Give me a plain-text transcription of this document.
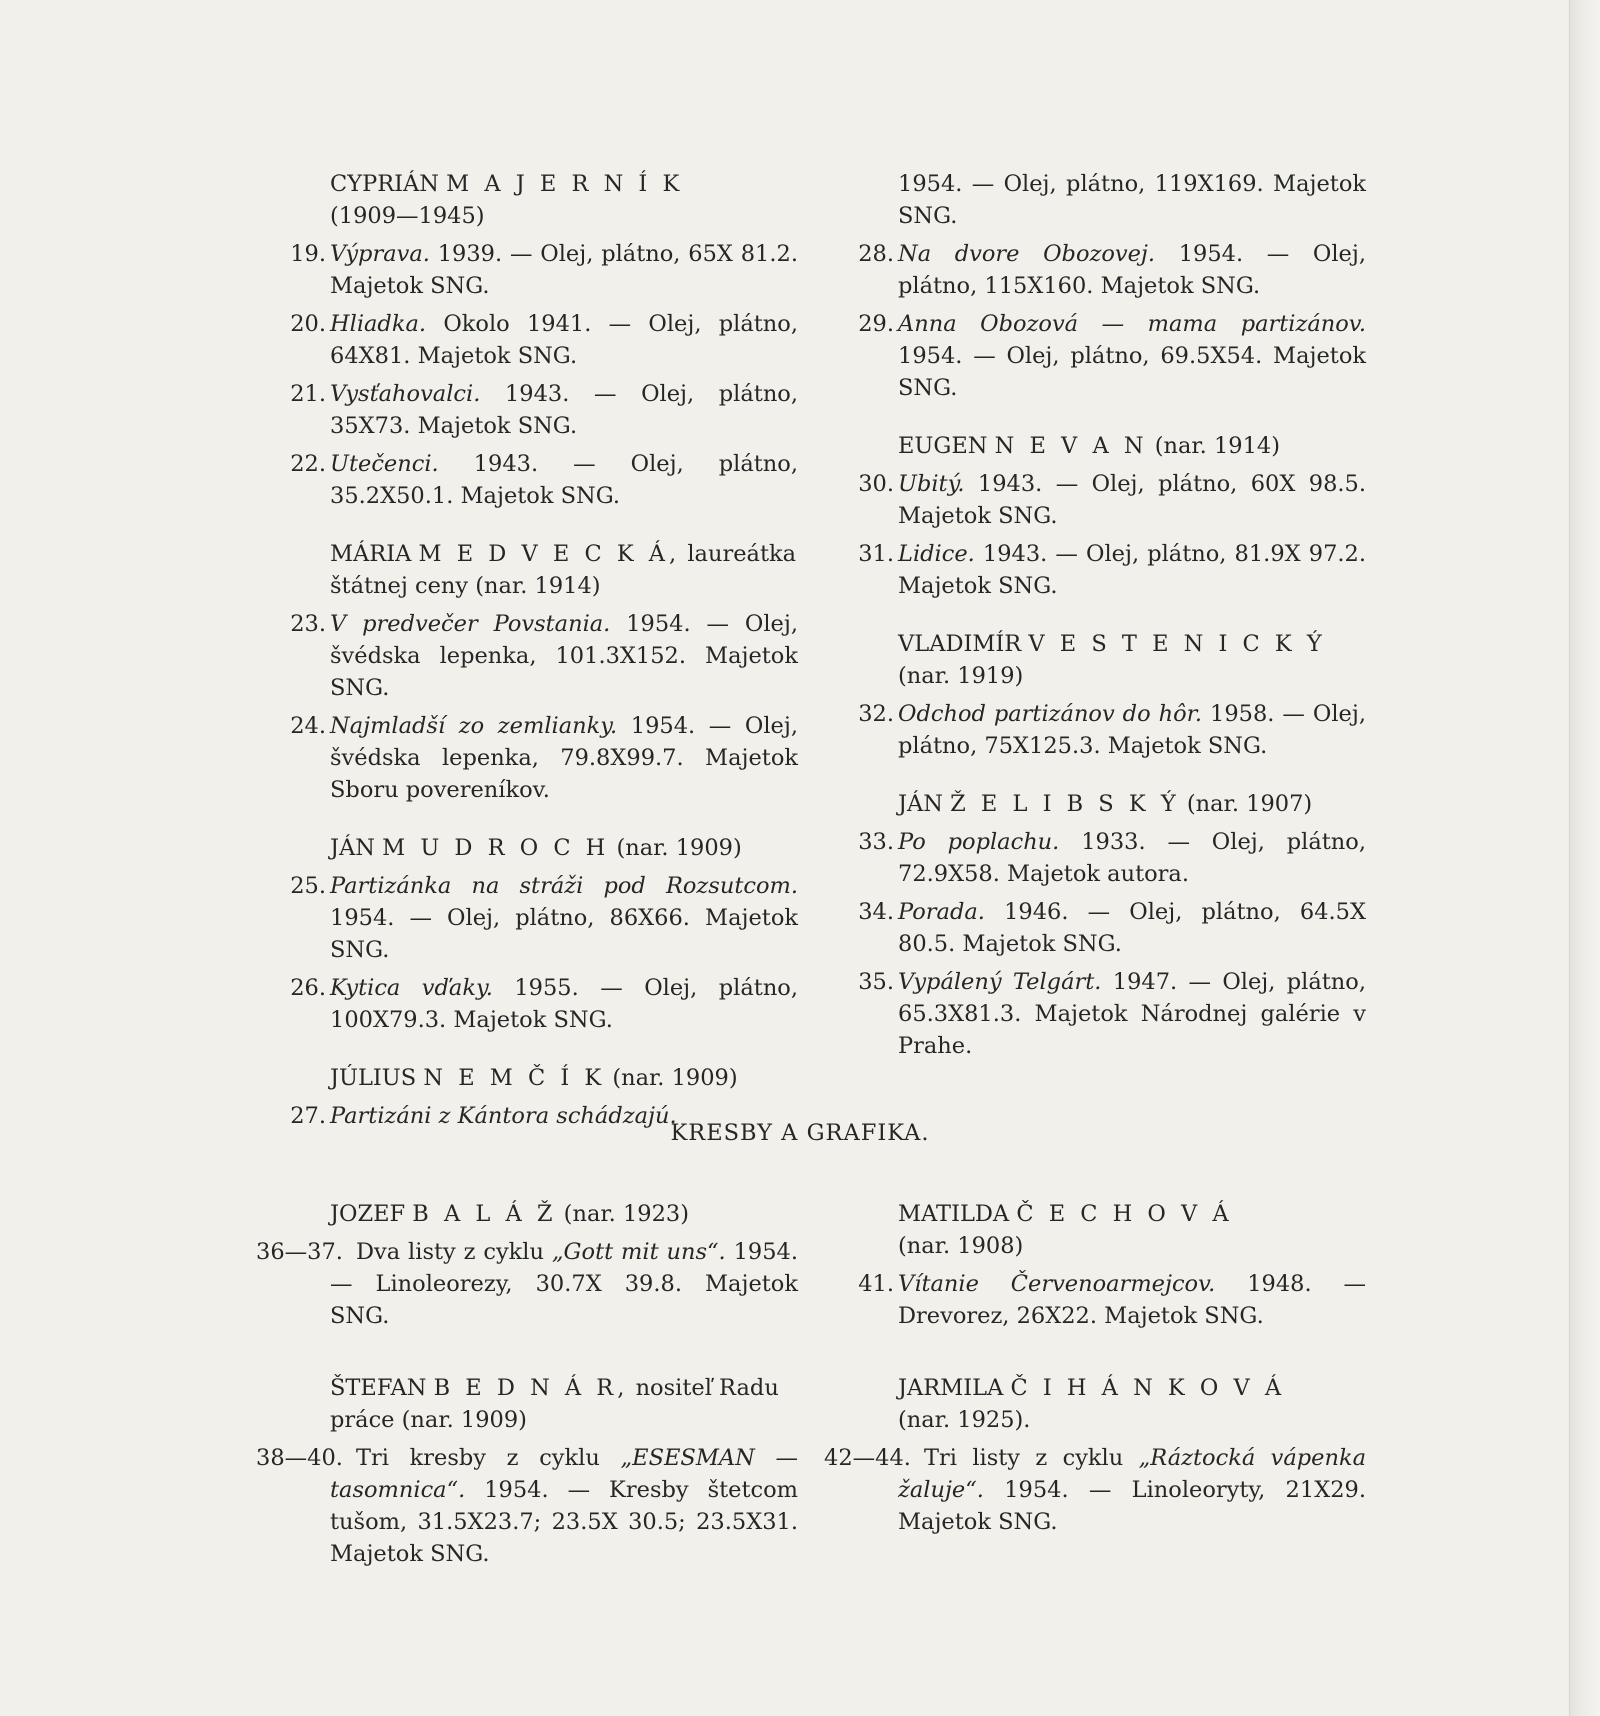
CYPRIÁN M A J E R N Í K
(1909—1945)
19. Výprava. 1939. — Olej, plátno, 65X 81.2. Majetok SNG.
20. Hliadka. Okolo 1941. — Olej, plátno, 64X81. Majetok SNG.
21. Vysťahovalci. 1943. — Olej, plátno, 35X73. Majetok SNG.
22. Utečenci. 1943. — Olej, plátno, 35.2X50.1. Majetok SNG.
MÁRIA M E D V E C K Á, laureátka štátnej ceny (nar. 1914)
23. V predvečer Povstania. 1954. — Olej, švédska lepenka, 101.3X152. Majetok SNG.
24. Najmladší zo zemlianky. 1954. — Olej, švédska lepenka, 79.8X99.7. Majetok Sboru povereníkov.
JÁN M U D R O C H (nar. 1909)
25. Partizánka na stráži pod Rozsutcom. 1954. — Olej, plátno, 86X66. Majetok SNG.
26. Kytica vďaky. 1955. — Olej, plátno, 100X79.3. Majetok SNG.
JÚLIUS N E M Č Í K (nar. 1909)
27. Partizáni z Kántora schádzajú.
1954. — Olej, plátno, 119X169. Majetok SNG.
28. Na dvore Obozovej. 1954. — Olej, plátno, 115X160. Majetok SNG.
29. Anna Obozová — mama partizánov. 1954. — Olej, plátno, 69.5X54. Majetok SNG.
EUGEN N E V A N (nar. 1914)
30. Ubitý. 1943. — Olej, plátno, 60X 98.5. Majetok SNG.
31. Lidice. 1943. — Olej, plátno, 81.9X 97.2. Majetok SNG.
VLADIMÍR V E S T E N I C K Ý
(nar. 1919)
32. Odchod partizánov do hôr. 1958. — Olej, plátno, 75X125.3. Majetok SNG.
JÁN Ž E L I B S K Ý (nar. 1907)
33. Po poplachu. 1933. — Olej, plátno, 72.9X58. Majetok autora.
34. Porada. 1946. — Olej, plátno, 64.5X 80.5. Majetok SNG.
35. Vypálený Telgárt. 1947. — Olej, plátno, 65.3X81.3. Majetok Národnej galérie v Prahe.
KRESBY A GRAFIKA.
JOZEF B A L Á Ž (nar. 1923)
36—37. Dva listy z cyklu „Gott mit uns“. 1954. — Linoleorezy, 30.7X 39.8. Majetok SNG.
ŠTEFAN B E D N Á R, nositeľ Radu práce (nar. 1909)
38—40. Tri kresby z cyklu „ESESMAN — tasomnica“. 1954. — Kresby štetcom tušom, 31.5X23.7; 23.5X 30.5; 23.5X31. Majetok SNG.
MATILDA Č E C H O V Á
(nar. 1908)
41. Vítanie Červenoarmejcov. 1948. — Drevorez, 26X22. Majetok SNG.
JARMILA Č I H Á N K O V Á
(nar. 1925).
42—44. Tri listy z cyklu „Ráztocká vápenka žaluje“. 1954. — Linoleoryty, 21X29. Majetok SNG.
